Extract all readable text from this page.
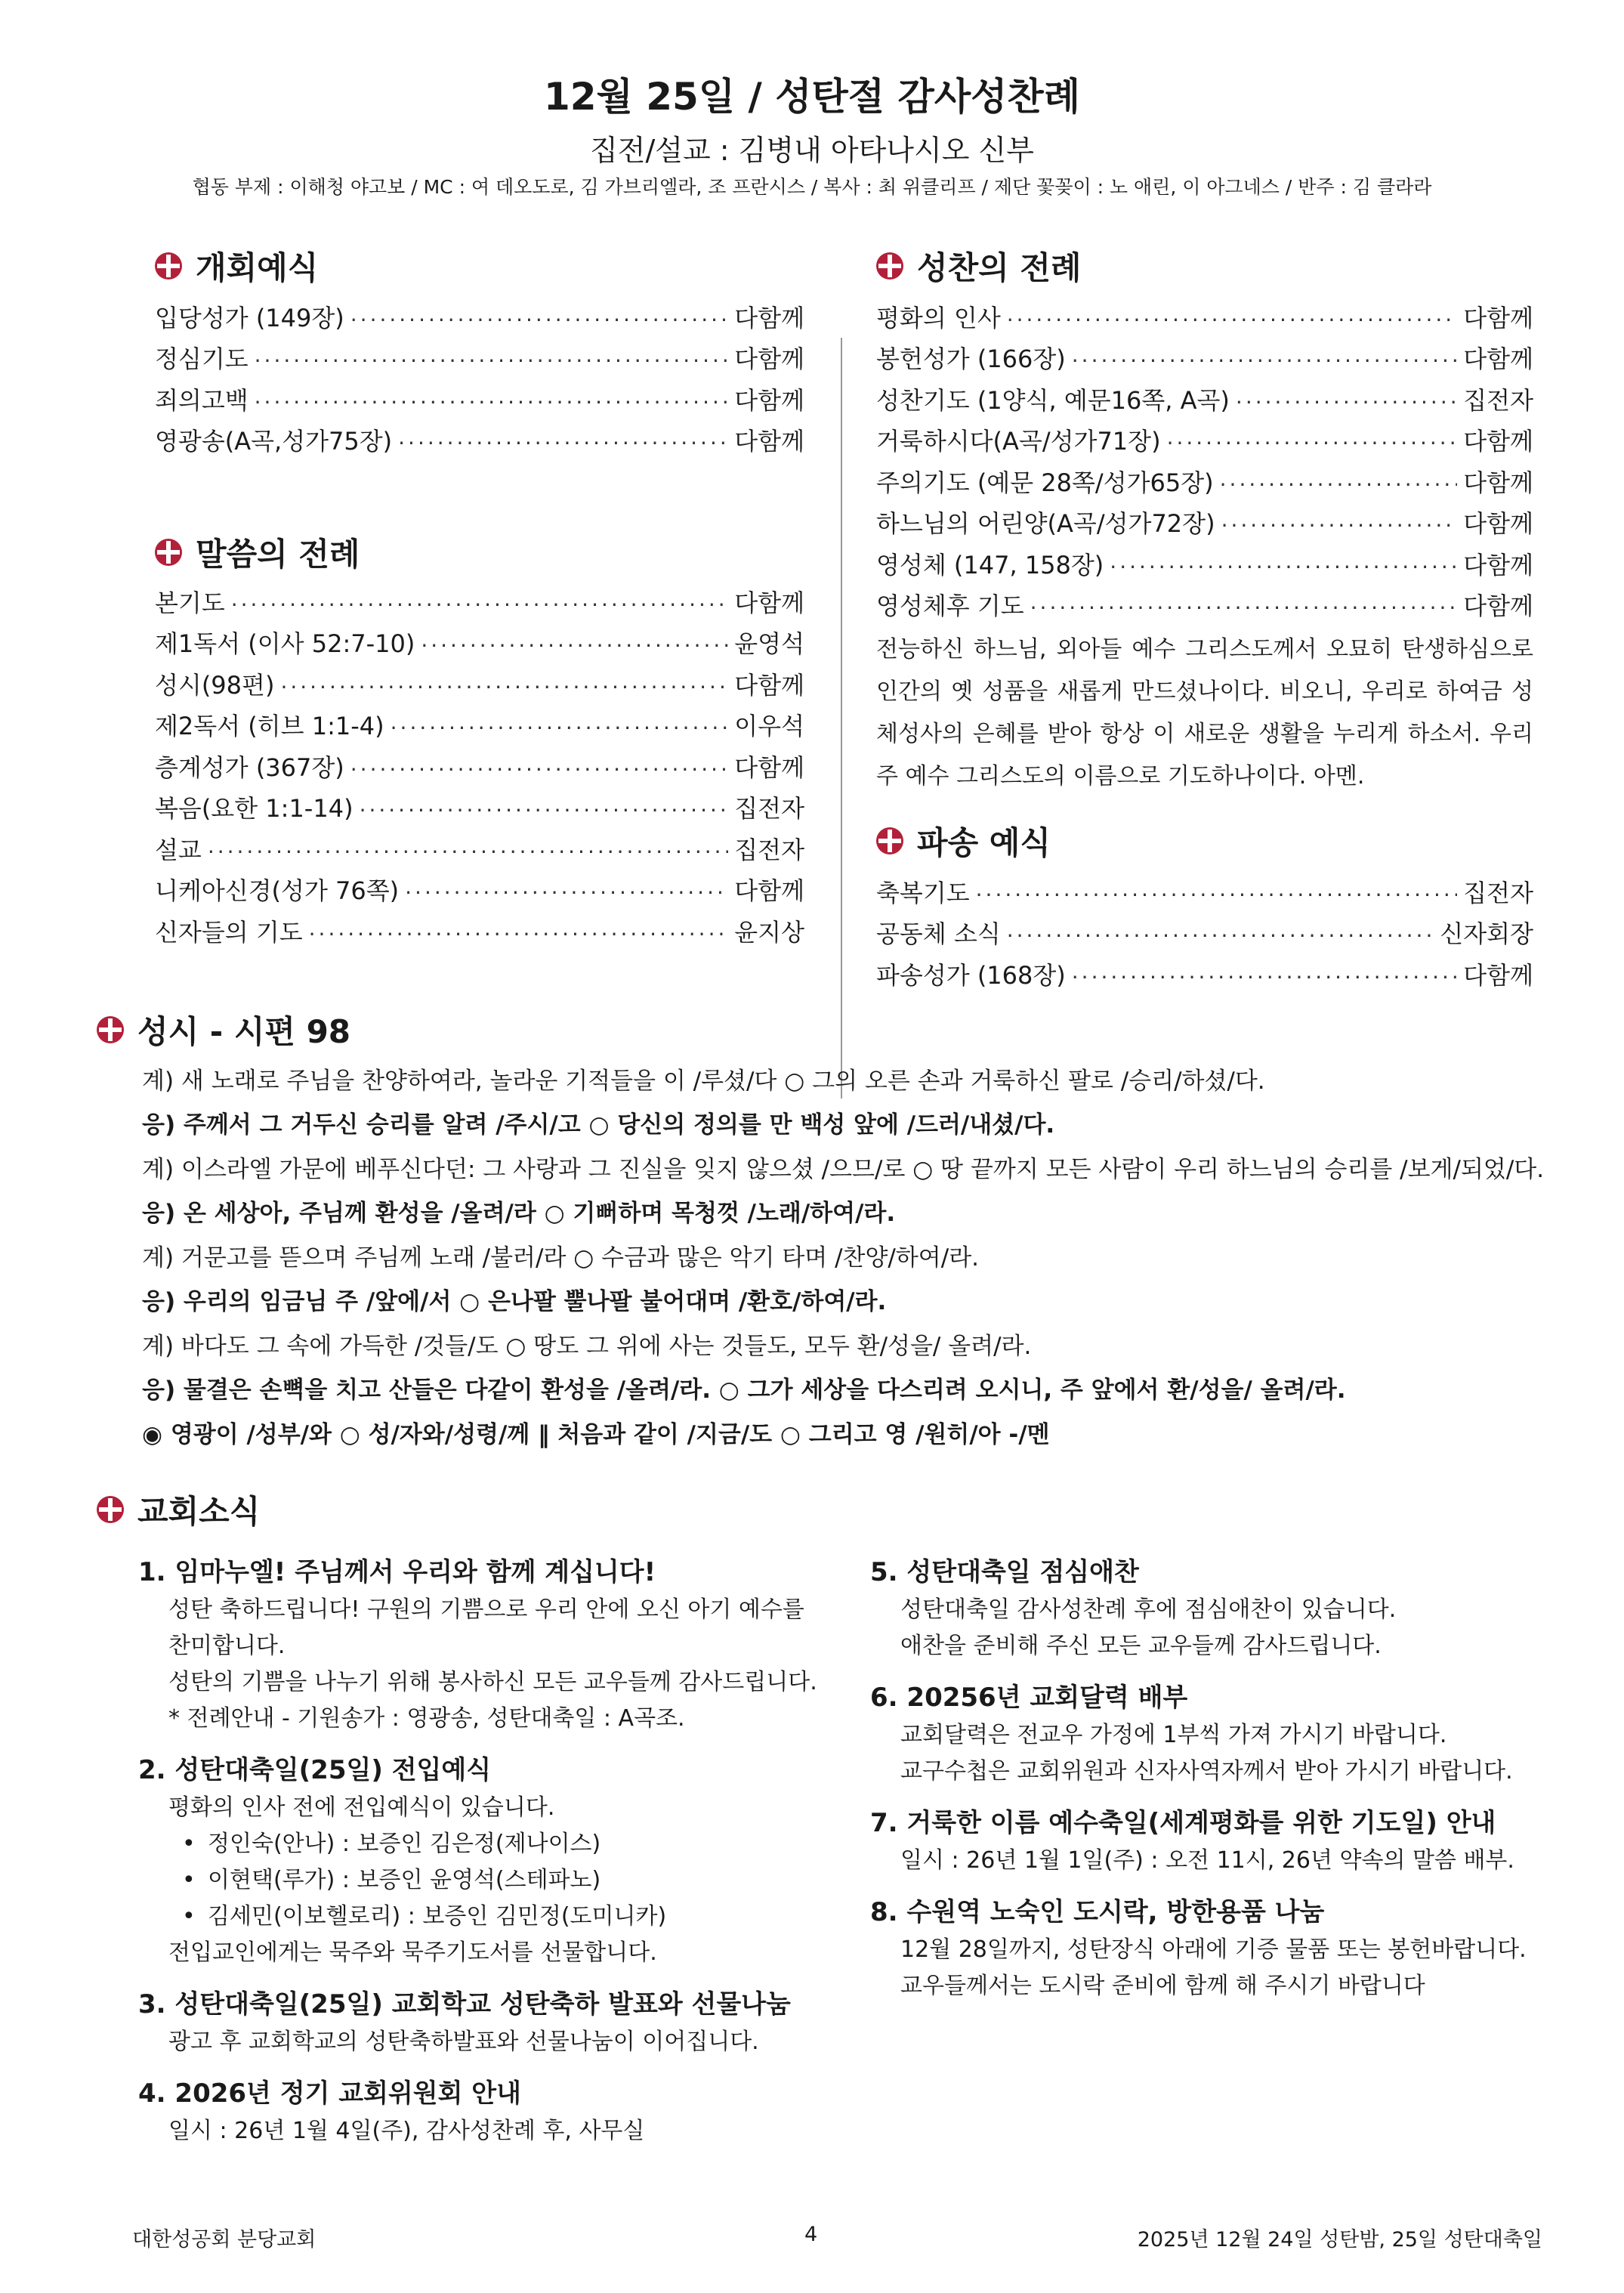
12월 25일 / 성탄절 감사성찬례
집전/설교 : 김병내 아타나시오 신부
협동 부제 : 이해청 야고보 / MC : 여 데오도로, 김 가브리엘라, 조 프란시스 / 복사 : 최 위클리프 / 제단 꽃꽂이 : 노 애린, 이 아그네스 / 반주 : 김 클라라
개회예식
입당성가 (149장) ·····	다함께
정심기도 ·····	다함께
죄의고백 ·····	다함께
영광송(A곡,성가75장) ·····	다함께
말씀의 전례
본기도 ·····	다함께
제1독서 (이사 52:7-10) ·····	윤영석
성시(98편) ·····	다함께
제2독서 (히브 1:1-4) ·····	이우석
층계성가 (367장) ·····	다함께
복음(요한 1:1-14) ·····	집전자
설교 ·····	집전자
니케아신경(성가 76쪽) ·····	다함께
신자들의 기도 ·····	윤지상
성찬의 전례
평화의 인사 ·····	다함께
봉헌성가 (166장) ·····	다함께
성찬기도 (1양식, 예문16쪽, A곡) ·····	집전자
거룩하시다(A곡/성가71장) ·····	다함께
주의기도 (예문 28쪽/성가65장) ·····	다함께
하느님의 어린양(A곡/성가72장) ·····	다함께
영성체 (147, 158장) ·····	다함께
영성체후 기도 ·····	다함께
전능하신 하느님, 외아들 예수 그리스도께서 오묘히 탄생하심으로 인간의 옛 성품을 새롭게 만드셨나이다. 비오니, 우리로 하여금 성체성사의 은혜를 받아 항상 이 새로운 생활을 누리게 하소서. 우리 주 예수 그리스도의 이름으로 기도하나이다. 아멘.
파송 예식
축복기도 ·····	집전자
공동체 소식 ·····	신자회장
파송성가 (168장) ·····	다함께
성시 - 시편 98
계) 새 노래로 주님을 찬양하여라, 놀라운 기적들을 이 /루셨/다 ○ 그의 오른 손과 거룩하신 팔로 /승리/하셨/다.
응) 주께서 그 거두신 승리를 알려 /주시/고 ○ 당신의 정의를 만 백성 앞에 /드러/내셨/다.
계) 이스라엘 가문에 베푸신다던: 그 사랑과 그 진실을 잊지 않으셨 /으므/로 ○ 땅 끝까지 모든 사람이 우리 하느님의 승리를 /보게/되었/다.
응) 온 세상아, 주님께 환성을 /올려/라 ○ 기뻐하며 목청껏 /노래/하여/라.
계) 거문고를 뜯으며 주님께 노래 /불러/라 ○ 수금과 많은 악기 타며 /찬양/하여/라.
응) 우리의 임금님 주 /앞에/서 ○ 은나팔 뿔나팔 불어대며 /환호/하여/라.
계) 바다도 그 속에 가득한 /것들/도 ○ 땅도 그 위에 사는 것들도, 모두 환/성을/ 올려/라.
응) 물결은 손뼉을 치고 산들은 다같이 환성을 /올려/라. ○ 그가 세상을 다스리려 오시니, 주 앞에서 환/성을/ 올려/라.
◉ 영광이 /성부/와 ○ 성/자와/성령/께 ‖ 처음과 같이 /지금/도 ○ 그리고 영 /원히/아 -/멘
교회소식
1. 임마누엘! 주님께서 우리와 함께 계십니다!
성탄 축하드립니다! 구원의 기쁨으로 우리 안에 오신 아기 예수를
찬미합니다.
성탄의 기쁨을 나누기 위해 봉사하신 모든 교우들께 감사드립니다.
* 전례안내 - 기원송가 : 영광송, 성탄대축일 : A곡조.
2. 성탄대축일(25일) 전입예식
평화의 인사 전에 전입예식이 있습니다.
• 정인숙(안나) : 보증인 김은정(제나이스)
• 이현택(루가) : 보증인 윤영석(스테파노)
• 김세민(이보헬로리) : 보증인 김민정(도미니카)
전입교인에게는 묵주와 묵주기도서를 선물합니다.
3. 성탄대축일(25일) 교회학교 성탄축하 발표와 선물나눔
광고 후 교회학교의 성탄축하발표와 선물나눔이 이어집니다.
4. 2026년 정기 교회위원회 안내
일시 : 26년 1월 4일(주), 감사성찬례 후, 사무실
5. 성탄대축일 점심애찬
성탄대축일 감사성찬례 후에 점심애찬이 있습니다.
애찬을 준비해 주신 모든 교우들께 감사드립니다.
6. 20256년 교회달력 배부
교회달력은 전교우 가정에 1부씩 가져 가시기 바랍니다.
교구수첩은 교회위원과 신자사역자께서 받아 가시기 바랍니다.
7. 거룩한 이름 예수축일(세계평화를 위한 기도일) 안내
일시 : 26년 1월 1일(주) : 오전 11시, 26년 약속의 말씀 배부.
8. 수원역 노숙인 도시락, 방한용품 나눔
12월 28일까지, 성탄장식 아래에 기증 물품 또는 봉헌바랍니다.
교우들께서는 도시락 준비에 함께 해 주시기 바랍니다
대한성공회 분당교회	4	2025년 12월 24일 성탄밤, 25일 성탄대축일
